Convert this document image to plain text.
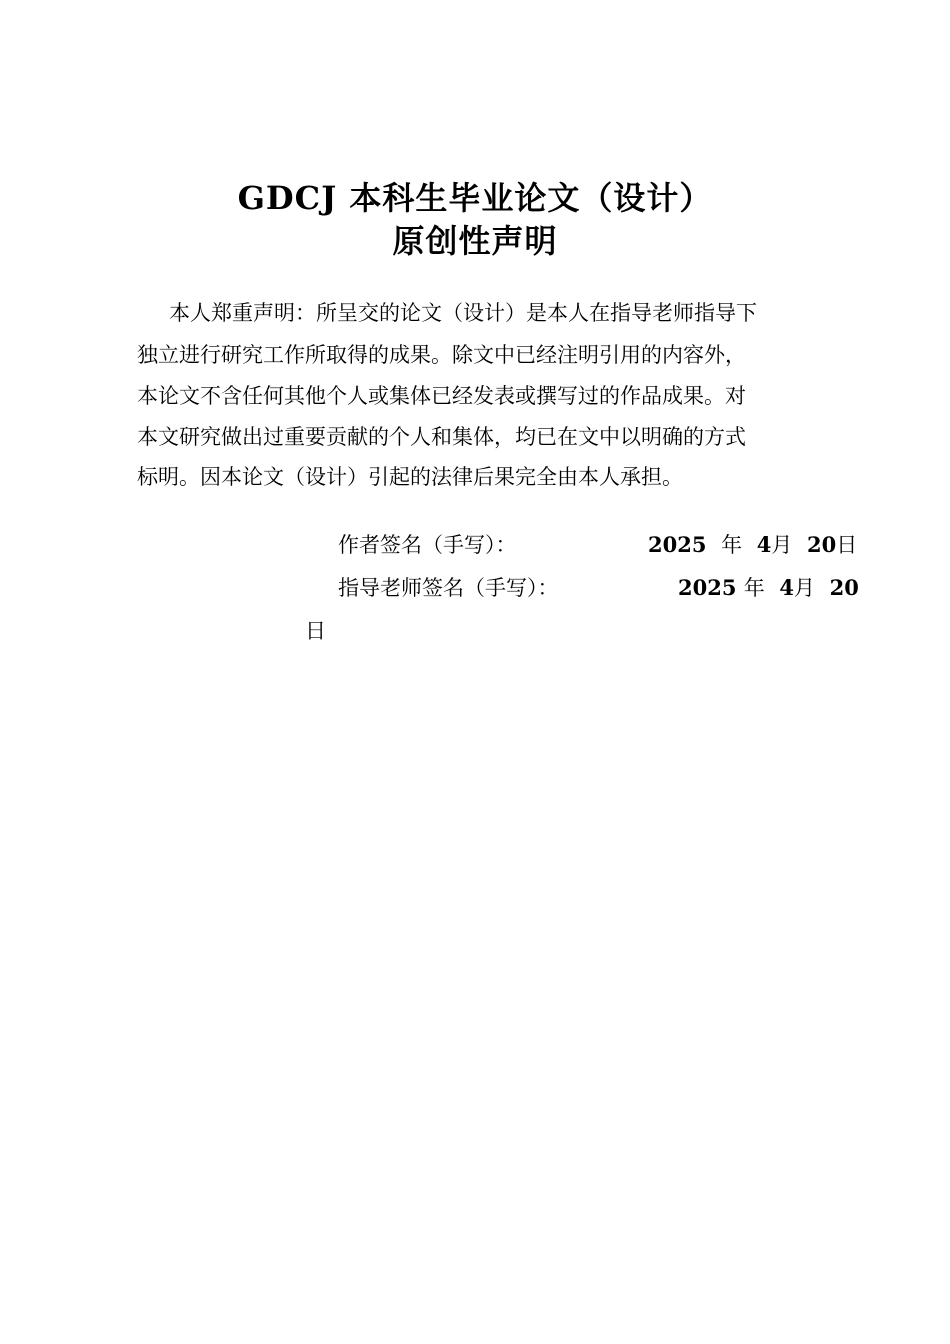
GDCJ 本科生毕业论文（设计）
原创性声明
本人郑重声明：所呈交的论文（设计）是本人在指导老师指导下
独立进行研究工作所取得的成果。除文中已经注明引用的内容外，
本论文不含任何其他个人或集体已经发表或撰写过的作品成果。对
本文研究做出过重要贡献的个人和集体，均已在文中以明确的方式
标明。因本论文（设计）引起的法律后果完全由本人承担。
作者签名（手写）：	2025 年 4月 20日
指导老师签名（手写）：	2025 年 4月 20
日
